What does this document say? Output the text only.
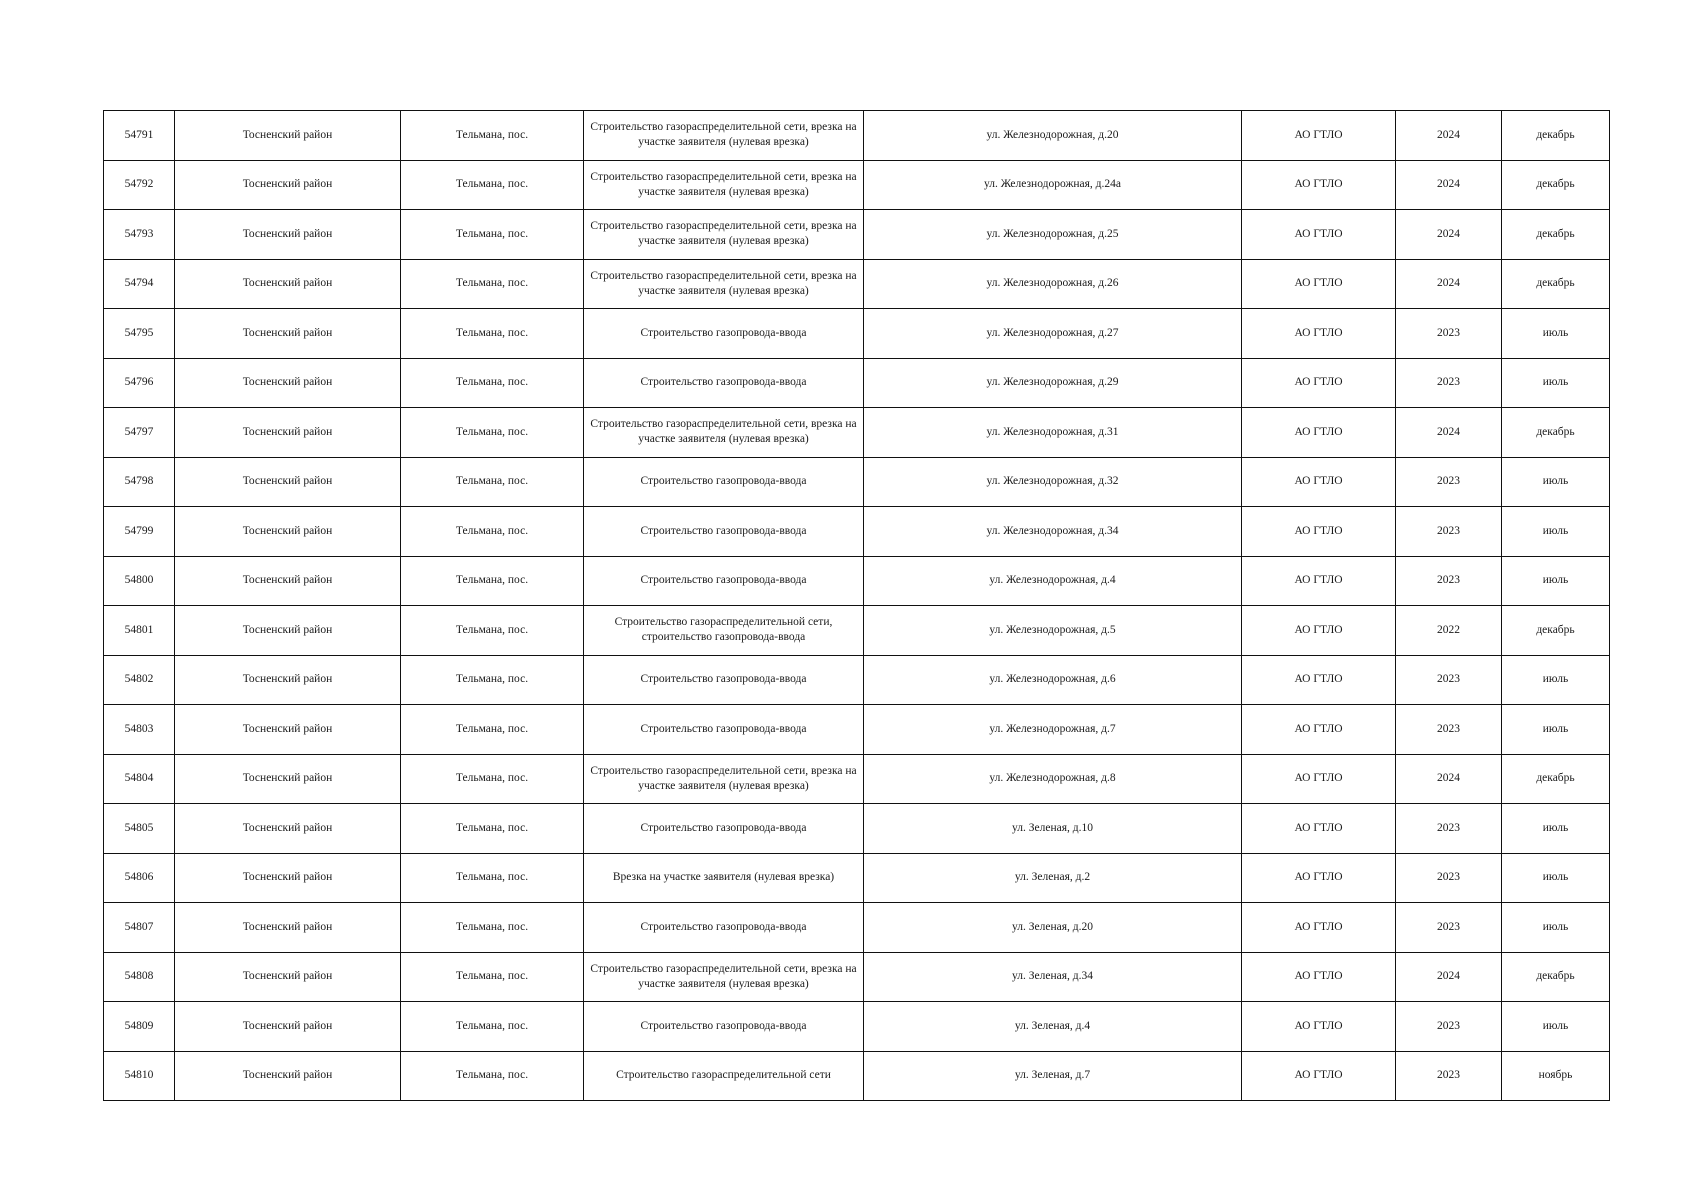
54791	Тосненский район	Тельмана, пос.	Строительство газораспределительной сети, врезка на участке заявителя (нулевая врезка)	ул. Железнодорожная, д.20	АО ГТЛО	2024	декабрь
54792	Тосненский район	Тельмана, пос.	Строительство газораспределительной сети, врезка на участке заявителя (нулевая врезка)	ул. Железнодорожная, д.24а	АО ГТЛО	2024	декабрь
54793	Тосненский район	Тельмана, пос.	Строительство газораспределительной сети, врезка на участке заявителя (нулевая врезка)	ул. Железнодорожная, д.25	АО ГТЛО	2024	декабрь
54794	Тосненский район	Тельмана, пос.	Строительство газораспределительной сети, врезка на участке заявителя (нулевая врезка)	ул. Железнодорожная, д.26	АО ГТЛО	2024	декабрь
54795	Тосненский район	Тельмана, пос.	Строительство газопровода-ввода	ул. Железнодорожная, д.27	АО ГТЛО	2023	июль
54796	Тосненский район	Тельмана, пос.	Строительство газопровода-ввода	ул. Железнодорожная, д.29	АО ГТЛО	2023	июль
54797	Тосненский район	Тельмана, пос.	Строительство газораспределительной сети, врезка на участке заявителя (нулевая врезка)	ул. Железнодорожная, д.31	АО ГТЛО	2024	декабрь
54798	Тосненский район	Тельмана, пос.	Строительство газопровода-ввода	ул. Железнодорожная, д.32	АО ГТЛО	2023	июль
54799	Тосненский район	Тельмана, пос.	Строительство газопровода-ввода	ул. Железнодорожная, д.34	АО ГТЛО	2023	июль
54800	Тосненский район	Тельмана, пос.	Строительство газопровода-ввода	ул. Железнодорожная, д.4	АО ГТЛО	2023	июль
54801	Тосненский район	Тельмана, пос.	Строительство газораспределительной сети, строительство газопровода-ввода	ул. Железнодорожная, д.5	АО ГТЛО	2022	декабрь
54802	Тосненский район	Тельмана, пос.	Строительство газопровода-ввода	ул. Железнодорожная, д.6	АО ГТЛО	2023	июль
54803	Тосненский район	Тельмана, пос.	Строительство газопровода-ввода	ул. Железнодорожная, д.7	АО ГТЛО	2023	июль
54804	Тосненский район	Тельмана, пос.	Строительство газораспределительной сети, врезка на участке заявителя (нулевая врезка)	ул. Железнодорожная, д.8	АО ГТЛО	2024	декабрь
54805	Тосненский район	Тельмана, пос.	Строительство газопровода-ввода	ул. Зеленая, д.10	АО ГТЛО	2023	июль
54806	Тосненский район	Тельмана, пос.	Врезка на участке заявителя (нулевая врезка)	ул. Зеленая, д.2	АО ГТЛО	2023	июль
54807	Тосненский район	Тельмана, пос.	Строительство газопровода-ввода	ул. Зеленая, д.20	АО ГТЛО	2023	июль
54808	Тосненский район	Тельмана, пос.	Строительство газораспределительной сети, врезка на участке заявителя (нулевая врезка)	ул. Зеленая, д.34	АО ГТЛО	2024	декабрь
54809	Тосненский район	Тельмана, пос.	Строительство газопровода-ввода	ул. Зеленая, д.4	АО ГТЛО	2023	июль
54810	Тосненский район	Тельмана, пос.	Строительство газораспределительной сети	ул. Зеленая, д.7	АО ГТЛО	2023	ноябрь
